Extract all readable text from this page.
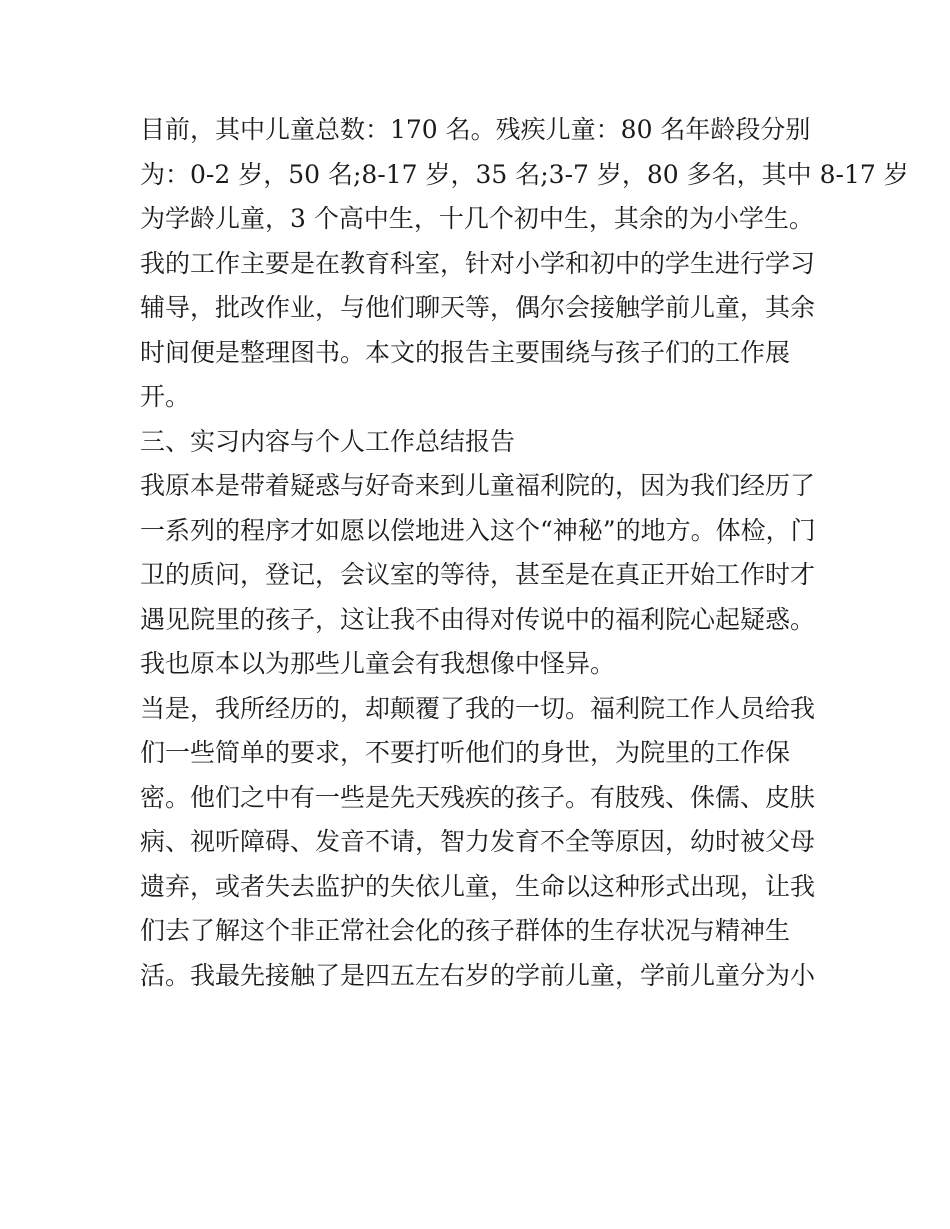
目前，其中儿童总数：170 名。残疾儿童：80 名年龄段分别
为：0-2 岁，50 名;8-17 岁，35 名;3-7 岁，80 多名，其中 8-17 岁
为学龄儿童，3 个高中生，十几个初中生，其余的为小学生。
我的工作主要是在教育科室，针对小学和初中的学生进行学习
辅导，批改作业，与他们聊天等，偶尔会接触学前儿童，其余
时间便是整理图书。本文的报告主要围绕与孩子们的工作展
开。
三、实习内容与个人工作总结报告
我原本是带着疑惑与好奇来到儿童福利院的，因为我们经历了
一系列的程序才如愿以偿地进入这个“神秘”的地方。体检，门
卫的质问，登记，会议室的等待，甚至是在真正开始工作时才
遇见院里的孩子，这让我不由得对传说中的福利院心起疑惑。
我也原本以为那些儿童会有我想像中怪异。
当是，我所经历的，却颠覆了我的一切。福利院工作人员给我
们一些简单的要求，不要打听他们的身世，为院里的工作保
密。他们之中有一些是先天残疾的孩子。有肢残、侏儒、皮肤
病、视听障碍、发音不请，智力发育不全等原因，幼时被父母
遗弃，或者失去监护的失依儿童，生命以这种形式出现，让我
们去了解这个非正常社会化的孩子群体的生存状况与精神生
活。我最先接触了是四五左右岁的学前儿童，学前儿童分为小
